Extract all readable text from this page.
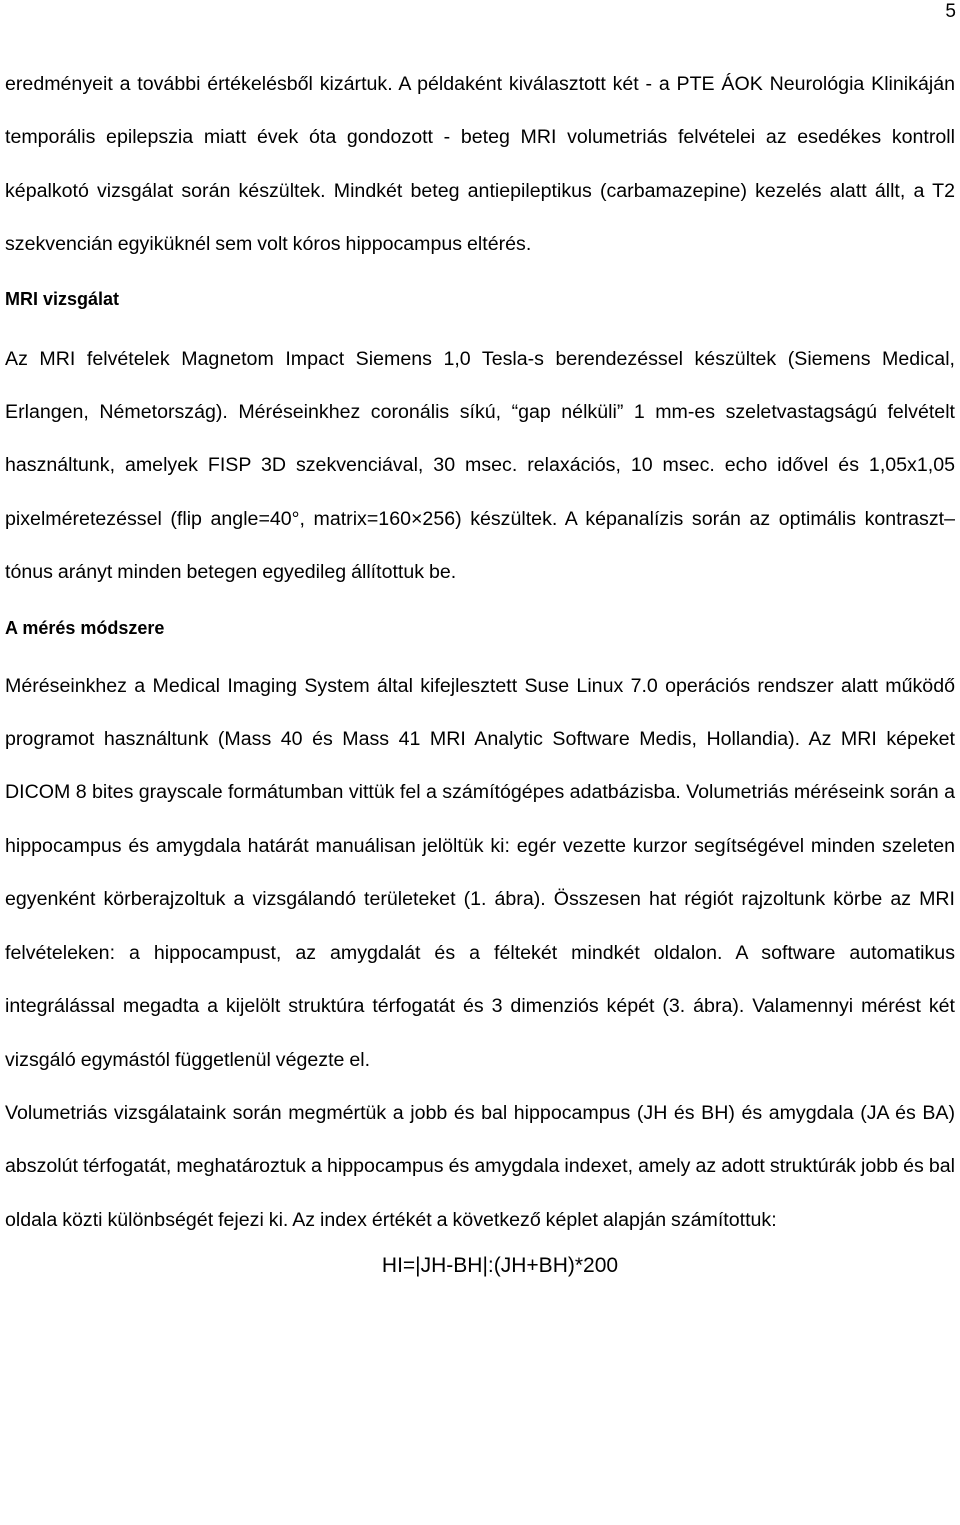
5

eredményeit a további értékelésből kizártuk. A példaként kiválasztott két - a PTE ÁOK Neurológia Klinikáján temporális epilepszia miatt évek óta gondozott - beteg MRI volumetriás felvételei az esedékes kontroll képalkotó vizsgálat során készültek. Mindkét beteg antiepileptikus (carbamazepine) kezelés alatt állt, a T2 szekvencián egyiküknél sem volt kóros hippocampus eltérés.

MRI vizsgálat

Az MRI felvételek Magnetom Impact Siemens 1,0 Tesla-s berendezéssel készültek (Siemens Medical, Erlangen, Németország). Méréseinkhez coronális síkú, “gap nélküli” 1 mm-es szeletvastagságú felvételt használtunk, amelyek FISP 3D szekvenciával, 30 msec. relaxációs, 10 msec. echo idővel és 1,05x1,05 pixelméretezéssel (flip angle=40°, matrix=160×256) készültek. A képanalízis során az optimális kontraszt–tónus arányt minden betegen egyedileg állítottuk be.

A mérés módszere

Méréseinkhez a Medical Imaging System által kifejlesztett Suse Linux 7.0 operációs rendszer alatt működő programot használtunk (Mass 40 és Mass 41 MRI Analytic Software Medis, Hollandia). Az MRI képeket DICOM 8 bites grayscale formátumban vittük fel a számítógépes adatbázisba. Volumetriás méréseink során a hippocampus és amygdala határát manuálisan jelöltük ki: egér vezette kurzor segítségével minden szeleten egyenként körberajzoltuk a vizsgálandó területeket (1. ábra). Összesen hat régiót rajzoltunk körbe az MRI felvételeken: a hippocampust, az amygdalát és a féltekét mindkét oldalon. A software automatikus integrálással megadta a kijelölt struktúra térfogatát és 3 dimenziós képét (3. ábra). Valamennyi mérést két vizsgáló egymástól függetlenül végezte el.

Volumetriás vizsgálataink során megmértük a jobb és bal hippocampus (JH és BH) és amygdala (JA és BA) abszolút térfogatát, meghatároztuk a hippocampus és amygdala indexet, amely az adott struktúrák jobb és bal oldala közti különbségét fejezi ki. Az index értékét a következő képlet alapján számítottuk:

HI=|JH-BH|:(JH+BH)*200
